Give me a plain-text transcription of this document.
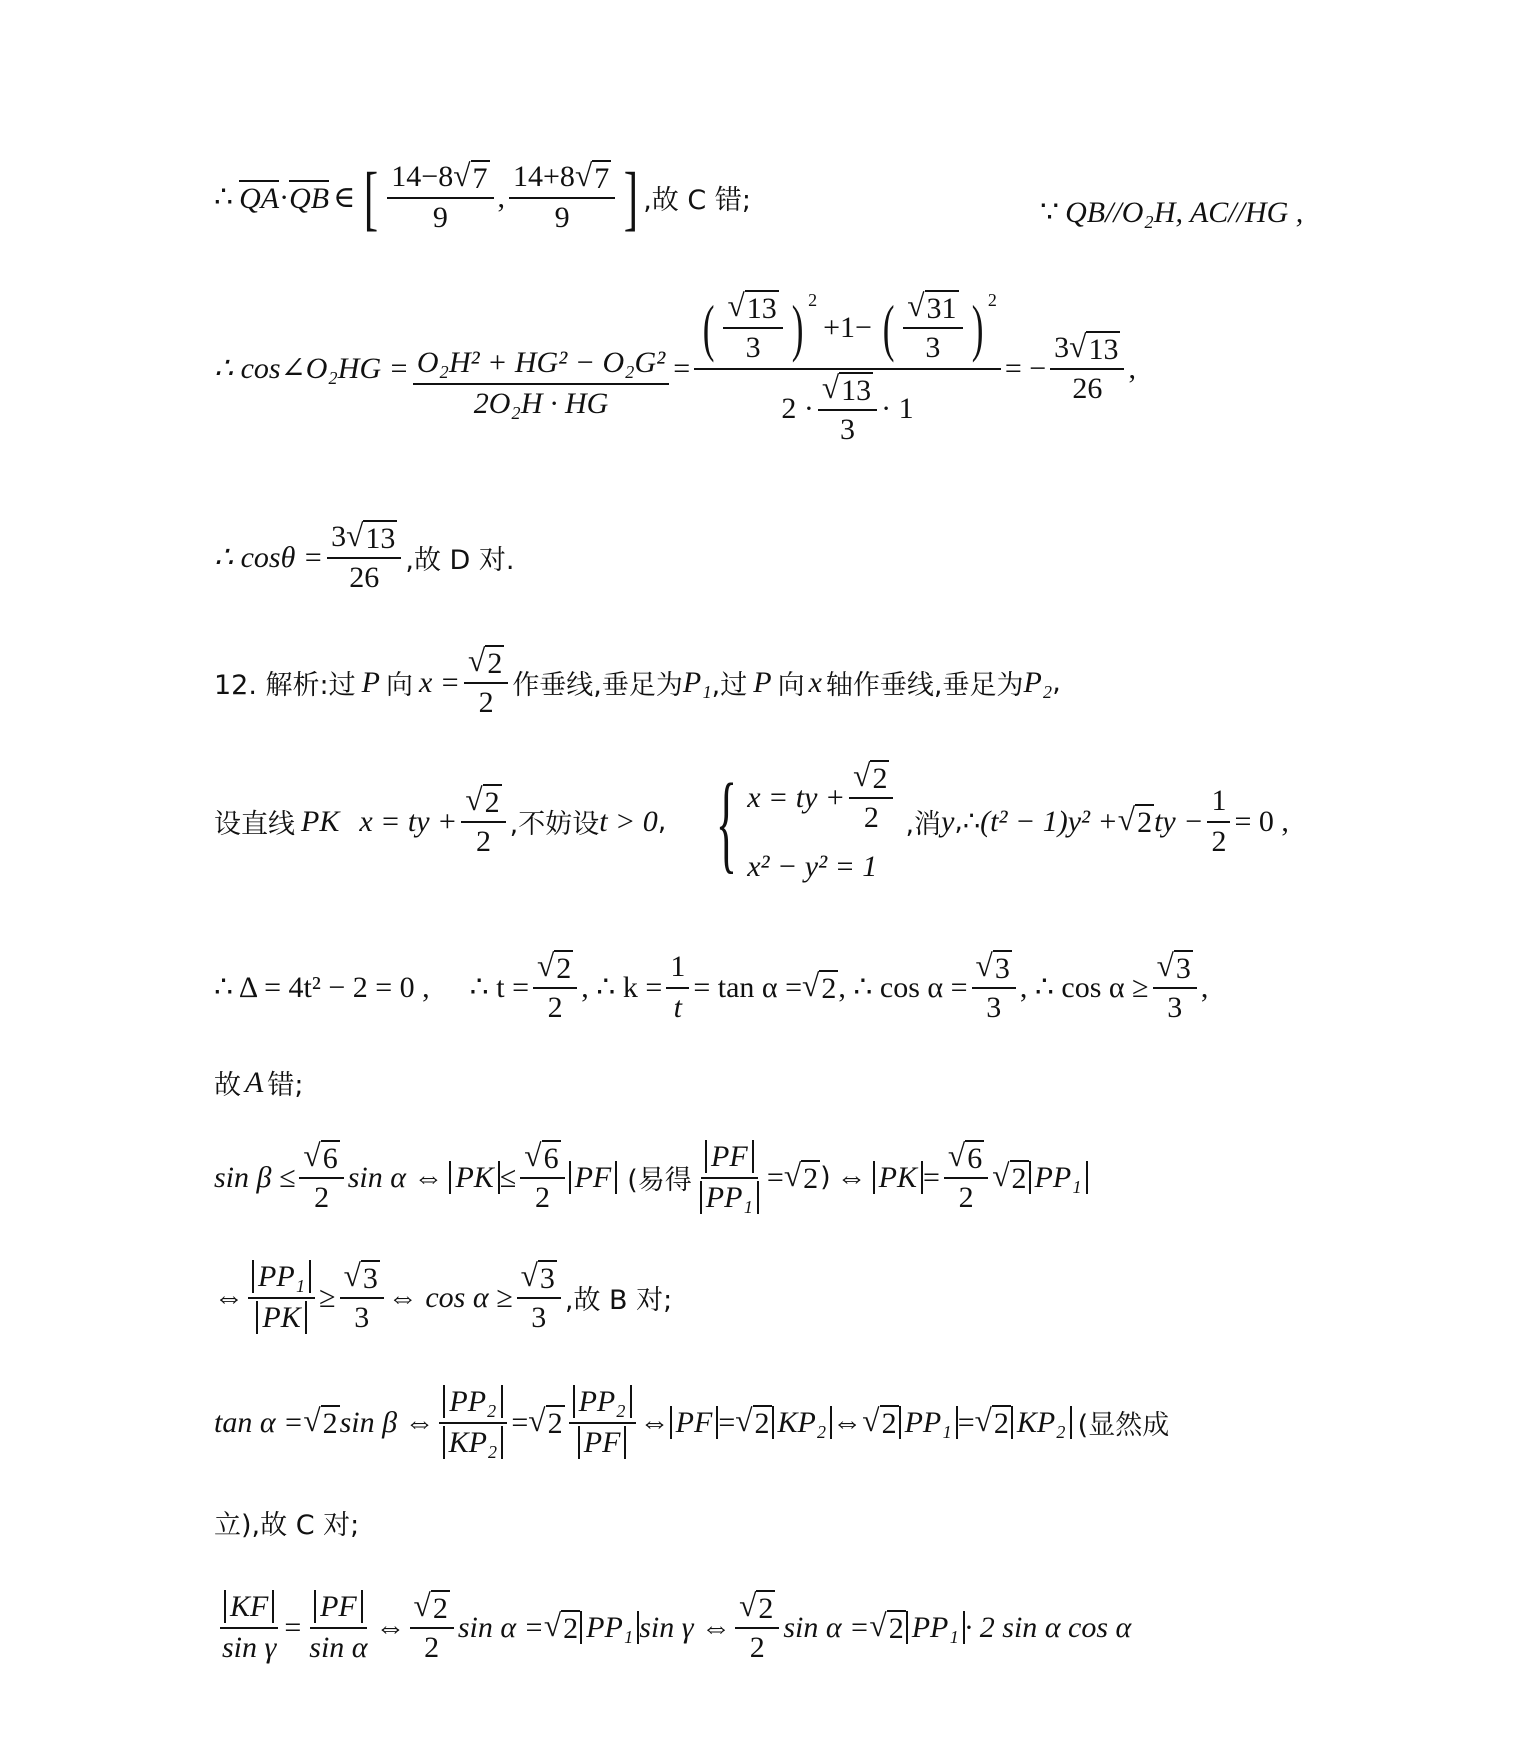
∴ QA · QB ∈ [ $\frac{14-8 √ 7}{9}$ , $\frac{14+8 √ 7}{9}$ ] ,故 C 错;	∵ QB//O₂H, AC//HG ,
∴ cos∠O₂HG = $\frac{\text{O₂H² + HG² − O₂G²}}{\text{2O₂H · HG}}$ = ( $\frac{√ 13}{3}$ ) $^2$
+1− ( $\frac{√ 31}{3}$ ) $^2$
$2 \cdot \frac{√ 13}{3} \cdot 1$ = − $\frac{3 √ 13}{26}$ ,
∴ $\cos\theta = \frac{3 √ 13}{26}$ ,故 D 对.
12. 解析:过 P 向 $x = \frac{√ 2}{2}$ 作垂线,垂足为 P₁ ,过 P 向 x 轴作垂线,垂足为 P₂ ,
设直线 PK x = ty + $\frac{√ 2}{2}$ ,不妨设 t > 0 , { x = ty + $\frac{√ 2}{2}$
x² − y² = 1
,消 y ,∴ (t² − 1)y² + √ 2 ty − $\frac{1}{2} = 0$ ,
∴ Δ = 4t² − 2 = 0 , ∴ $t = \frac{√ 2}{2}$ , ∴ $k = \frac{1}{t} = \tan \alpha$ = √ 2 , ∴ $\cos \alpha = \frac{√ 3}{3}$ , ∴ $\cos \alpha \ge \frac{√ 3}{3}$ ,
故 A 错;
$\sin \beta \le \frac{√ 6}{2}$ sin α ⇔ PK ≤ $\frac{√ 6}{2}$ PF (易得 $\frac{PF}{\text{PP₁}}$ = √ 2 ) ⇔ PK = $\frac{√ 6}{2}$ √ 2 PP₁
⇔ $\frac{\text{PP₁}}{PK} \ge \frac{√ 3}{3}$ ⇔ $\cos \alpha \ge \frac{√ 3}{3}$ ,故 B 对;
tan α = √ 2 sin β ⇔ $\frac{\text{PP₂}}{\text{KP₂}}$ = √ $2 \frac{\text{PP₂}}{PF}$ ⇔ PF = √ 2 KP₂ ⇔ √ 2 PP₁ = √ 2 KP₂ (显然成
立),故 C 对;
$\frac{KF}{\text{sin γ}} = \frac{PF}{\text{sin α}}$ ⇔ $\frac{√ 2}{2}$ sin α = √ 2 PP₁ sin γ ⇔ $\frac{√ 2}{2}$ sin α = √ 2 PP₁ · 2 sin α cos α
